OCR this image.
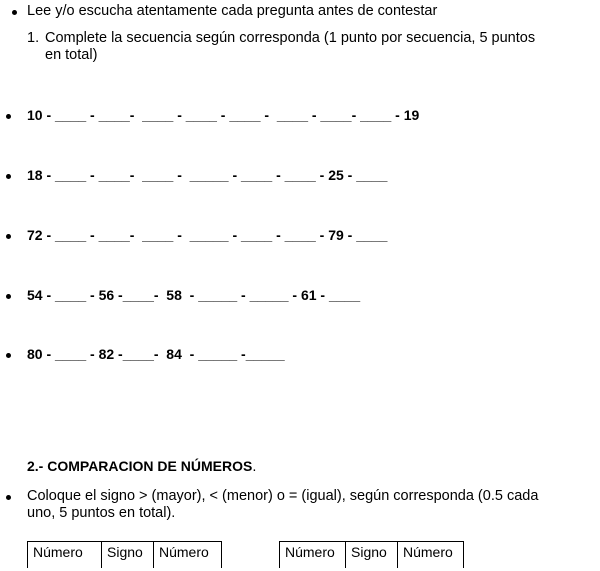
Lee y/o escucha atentamente cada pregunta antes de contestar
1. Complete la secuencia según corresponda (1 punto por secuencia, 5 puntos
en total)
10 - ____ - ____-  ____ - ____ - ____ -  ____ - ____- ____ - 19
18 - ____ - ____-  ____ -  _____ - ____ - ____ - 25 - ____
72 - ____ - ____-  ____ -  _____ - ____ - ____ - 79 - ____
54 - ____ - 56 -____-  58  - _____ - _____ - 61 - ____
80 - ____ - 82 -____-  84  - _____ -_____
2.- COMPARACION DE NÚMEROS.
Coloque el signo > (mayor), < (menor) o = (igual), según corresponda (0.5 cada
uno, 5 puntos en total).
Número	Signo	Número	Número	Signo	Número
